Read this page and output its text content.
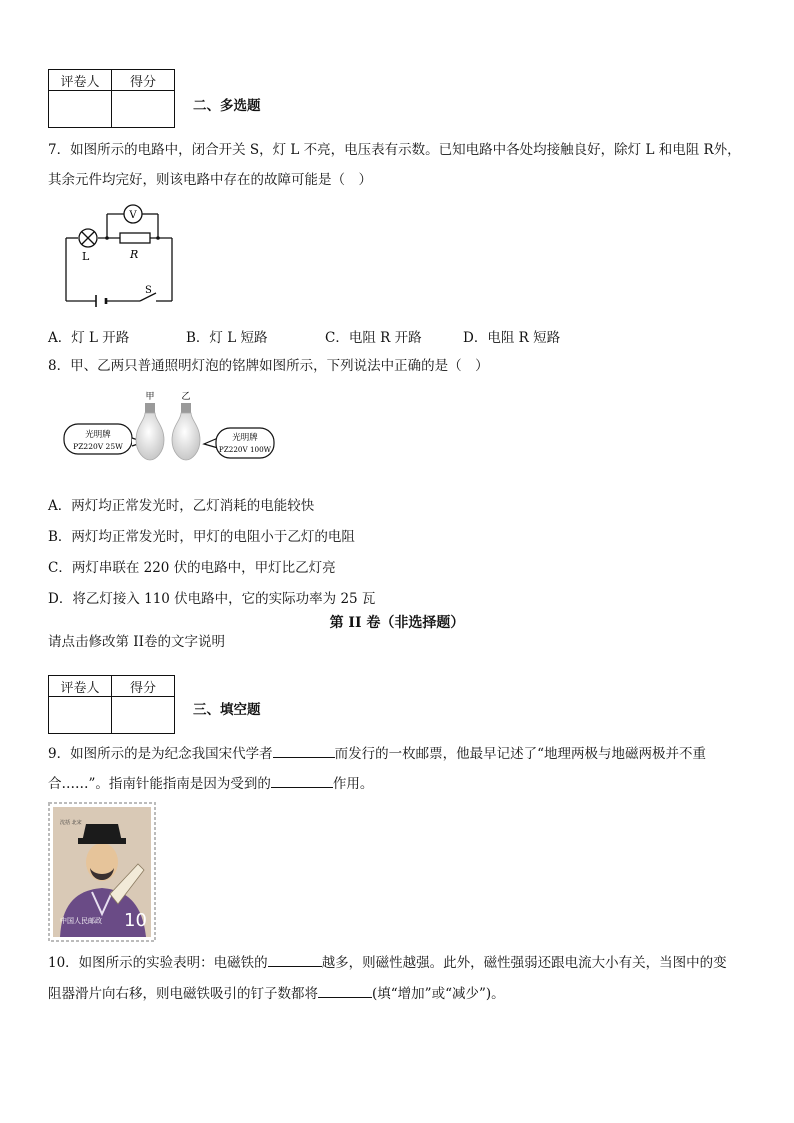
评卷人	得分

二、多选题
7．如图所示的电路中，闭合开关 S，灯 L 不亮，电压表有示数。已知电路中各处均接触良好，除灯 L 和电阻 R外，
其余元件均完好，则该电路中存在的故障可能是（　）
V
L	R
S
A．灯 L 开路	B．灯 L 短路	C．电阻 R 开路	D．电阻 R 短路
8．甲、乙两只普通照明灯泡的铭牌如图所示，下列说法中正确的是（　）
光明牌
PZ220V 25W
甲	乙
光明牌
PZ220V 100W
A．两灯均正常发光时，乙灯消耗的电能较快
B．两灯均正常发光时，甲灯的电阻小于乙灯的电阻
C．两灯串联在 220 伏的电路中，甲灯比乙灯亮
D．将乙灯接入 110 伏电路中，它的实际功率为 25 瓦
第 II 卷（非选择题）
请点击修改第 II卷的文字说明
评卷人	得分

三、填空题
9．如图所示的是为纪念我国宋代学者	而发行的一枚邮票，他最早记述了“地理两极与地磁两极并不重
合……”。指南针能指南是因为受到的	作用。
沈括 北宋
中国人民邮政 10
10．如图所示的实验表明：电磁铁的	越多，则磁性越强。此外，磁性强弱还跟电流大小有关，当图中的变
阻器滑片向右移，则电磁铁吸引的钉子数都将	(填“增加”或“减少”)。
